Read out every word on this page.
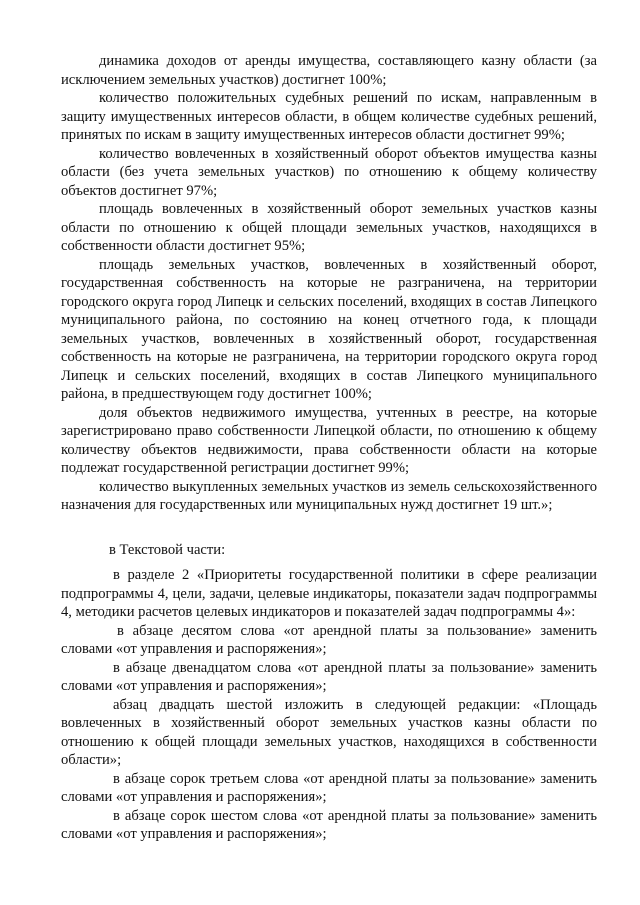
динамика доходов от аренды имущества, составляющего казну области (за исключением земельных участков) достигнет 100%;

количество положительных судебных решений по искам, направленным в защиту имущественных интересов области, в общем количестве судебных решений, принятых по искам в защиту имущественных интересов области достигнет 99%;

количество вовлеченных в хозяйственный оборот объектов имущества казны области (без учета земельных участков) по отношению к общему количеству объектов достигнет 97%;

площадь вовлеченных в хозяйственный оборот земельных участков казны области по отношению к общей площади земельных участков, находящихся в собственности области достигнет 95%;

площадь земельных участков, вовлеченных в хозяйственный оборот, государственная собственность на которые не разграничена, на территории городского округа город Липецк и сельских поселений, входящих в состав Липецкого муниципального района, по состоянию на конец отчетного года, к площади земельных участков, вовлеченных в хозяйственный оборот, государственная собственность на которые не разграничена, на территории городского округа город Липецк и сельских поселений, входящих в состав Липецкого муниципального района, в предшествующем году достигнет 100%;

доля объектов недвижимого имущества, учтенных в реестре, на которые зарегистрировано право собственности Липецкой области, по отношению к общему количеству объектов недвижимости, права собственности области на которые подлежат государственной регистрации достигнет 99%;

количество выкупленных земельных участков из земель сельскохозяйственного назначения для государственных или муниципальных нужд достигнет 19 шт.»;

в Текстовой части:

в разделе 2 «Приоритеты государственной политики в сфере реализации подпрограммы 4, цели, задачи, целевые индикаторы, показатели задач подпрограммы 4, методики расчетов целевых индикаторов и показателей задач подпрограммы 4»:

в абзаце десятом слова «от арендной платы за пользование» заменить словами «от управления и распоряжения»;

в абзаце двенадцатом слова «от арендной платы за пользование» заменить словами «от управления и распоряжения»;

абзац двадцать шестой изложить в следующей редакции: «Площадь вовлеченных в хозяйственный оборот земельных участков казны области по отношению к общей площади земельных участков, находящихся в собственности области»;

в абзаце сорок третьем слова «от арендной платы за пользование» заменить словами «от управления и распоряжения»;

в абзаце сорок шестом слова «от арендной платы за пользование» заменить словами «от управления и распоряжения»;
